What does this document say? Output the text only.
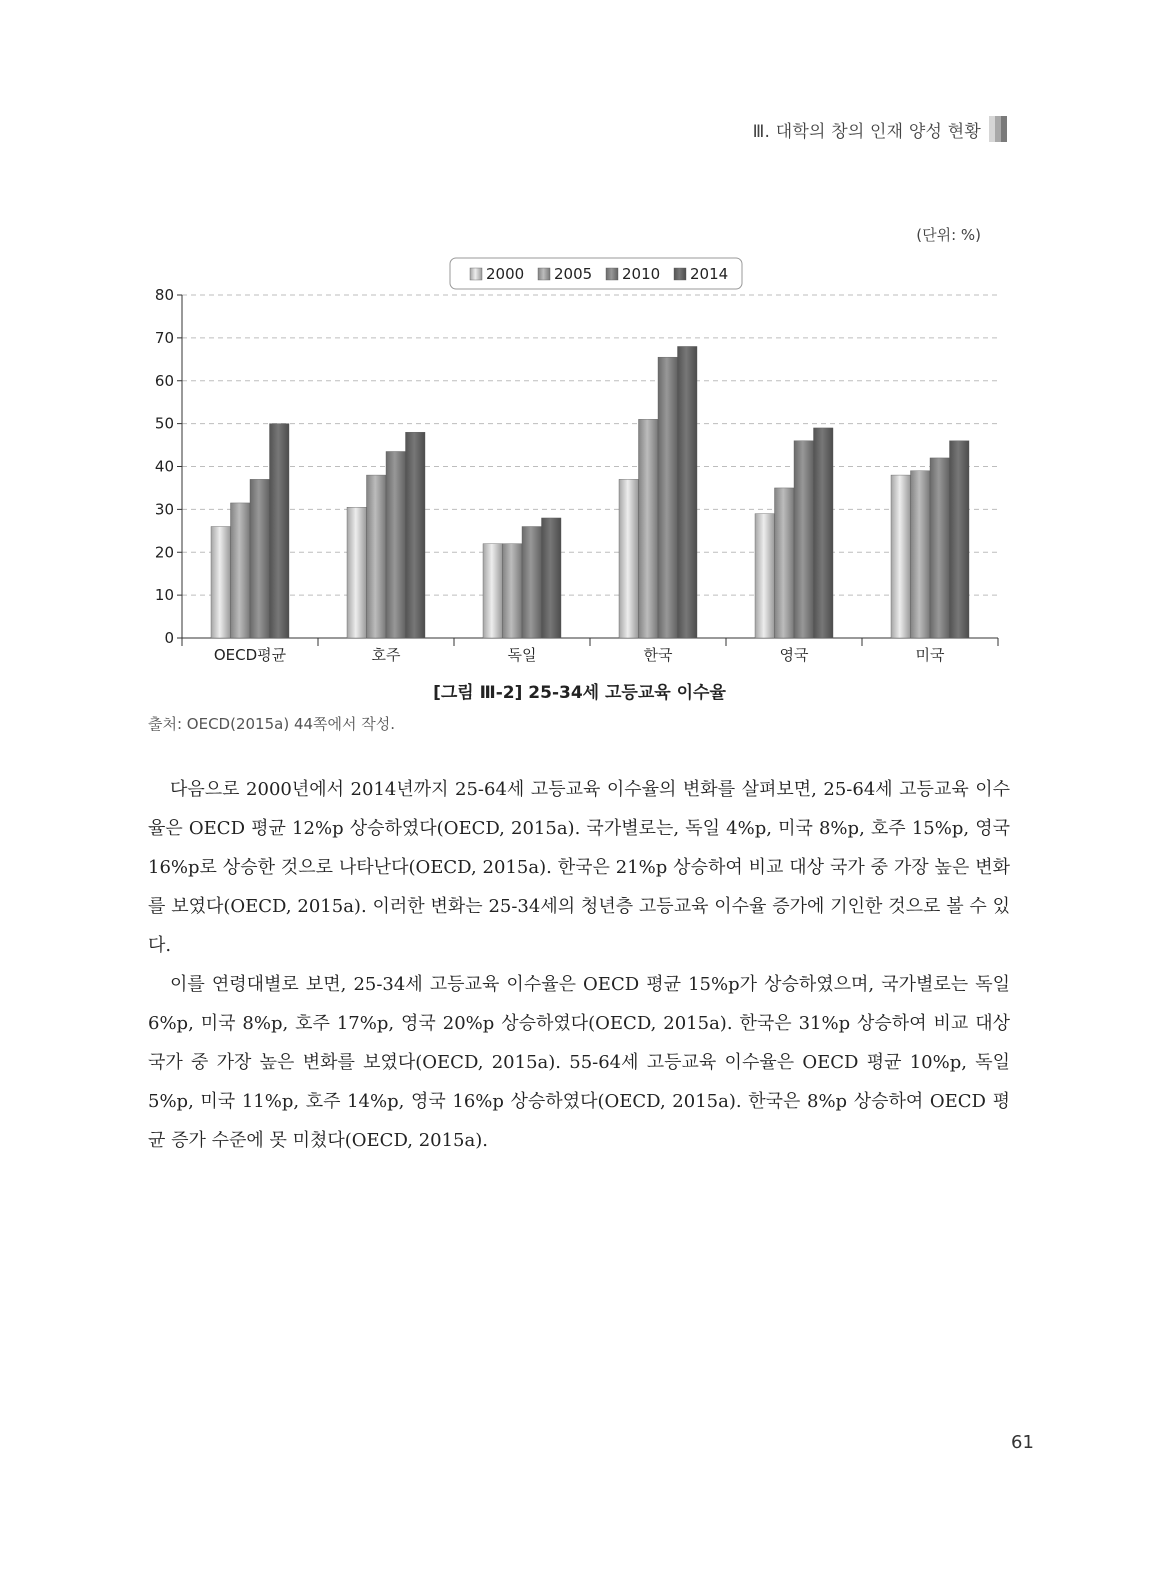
Ⅲ. 대학의 창의 인재 양성 현황
(단위: %)
0
10
20
30
40
50
60
70
80
OECD평균	호주	독일	한국	영국	미국
2000 2005 2010 2014
[그림 Ⅲ-2] 25-34세 고등교육 이수율
출처: OECD(2015a) 44쪽에서 작성.

다음으로 2000년에서 2014년까지 25-64세 고등교육 이수율의 변화를 살펴보면, 25-64세 고등교육 이수율은 OECD 평균 12%p 상승하였다(OECD, 2015a). 국가별로는, 독일 4%p, 미국 8%p, 호주 15%p, 영국 16%p로 상승한 것으로 나타난다(OECD, 2015a). 한국은 21%p 상승하여 비교 대상 국가 중 가장 높은 변화를 보였다(OECD, 2015a). 이러한 변화는 25-34세의 청년층 고등교육 이수율 증가에 기인한 것으로 볼 수 있다.

이를 연령대별로 보면, 25-34세 고등교육 이수율은 OECD 평균 15%p가 상승하였으며, 국가별로는 독일 6%p, 미국 8%p, 호주 17%p, 영국 20%p 상승하였다(OECD, 2015a). 한국은 31%p 상승하여 비교 대상 국가 중 가장 높은 변화를 보였다(OECD, 2015a). 55-64세 고등교육 이수율은 OECD 평균 10%p, 독일 5%p, 미국 11%p, 호주 14%p, 영국 16%p 상승하였다(OECD, 2015a). 한국은 8%p 상승하여 OECD 평균 증가 수준에 못 미쳤다(OECD, 2015a).

61
